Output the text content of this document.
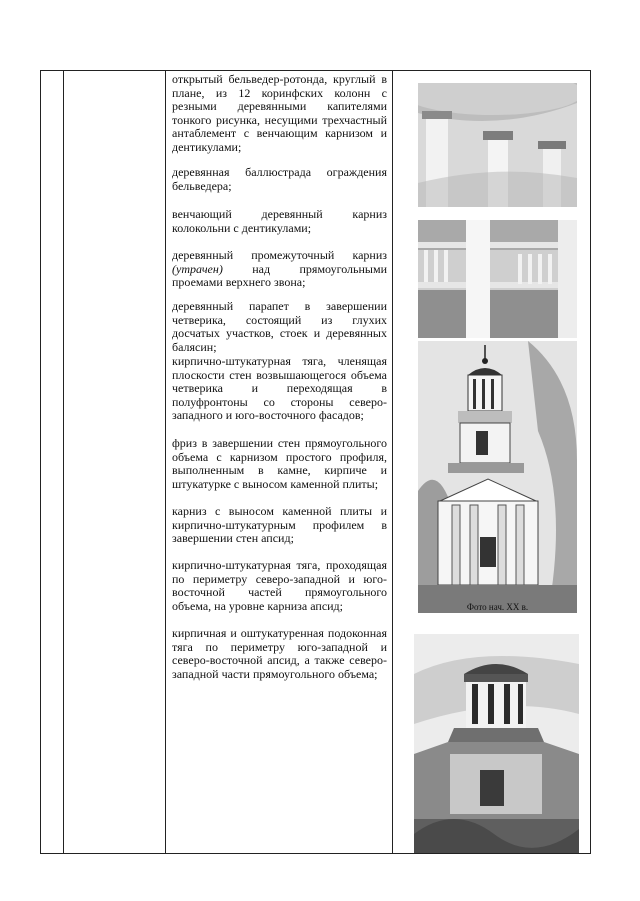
открытый бельведер-ротонда, круглый в плане, из 12 коринфских колонн с резными деревянными капителями тонкого рисунка, несущими трехчастный антаблемент с венчающим карнизом и дентикулами;
деревянная баллюстрада ограждения бельведера;
венчающий деревянный карниз колокольни с дентикулами;
деревянный промежуточный карниз (утрачен) над прямоугольными проемами верхнего звона;
деревянный парапет в завершении четверика, состоящий из глухих досчатых участков, стоек и деревянных балясин;
кирпично-штукатурная тяга, членящая плоскости стен возвышающегося объема четверика и переходящая в полуфронтоны со стороны северо-западного и юго-восточного фасадов;
фриз в завершении стен прямоугольного объема с карнизом простого профиля, выполненным в камне, кирпиче и штукатурке с выносом каменной плиты;
карниз с выносом каменной плиты и кирпично-штукатурным профилем в завершении стен апсид;
кирпично-штукатурная тяга, проходящая по периметру северо-западной и юго-восточной частей прямоугольного объема, на уровне карниза апсид;
кирпичная и оштукатуренная подоконная тяга по периметру юго-западной и северо-восточной апсид, а также северо-западной части прямоугольного объема;
Фото нач. XX в.
